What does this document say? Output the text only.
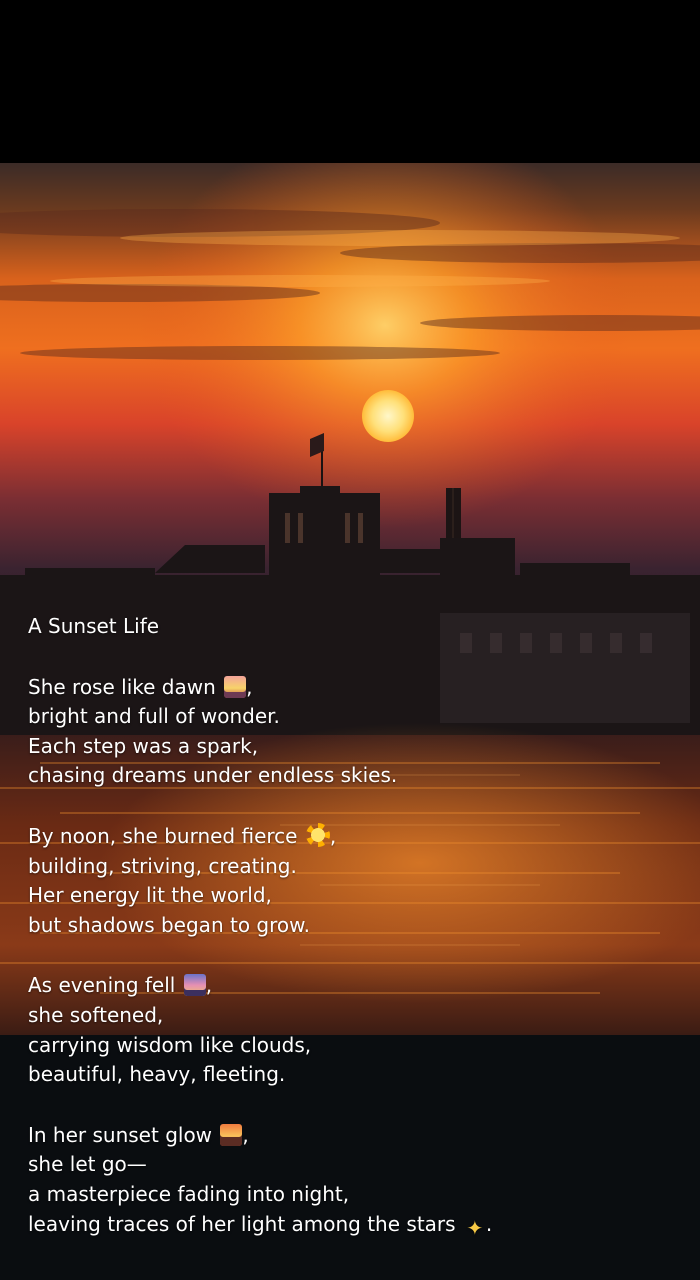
A Sunset Life
She rose like dawn ,
bright and full of wonder.
Each step was a spark,
chasing dreams under endless skies.
By noon, she burned fierce ,
building, striving, creating.
Her energy lit the world,
but shadows began to grow.
As evening fell ,
she softened,
carrying wisdom like clouds,
beautiful, heavy, fleeting.
In her sunset glow ,
she let go—
a masterpiece fading into night,
leaving traces of her light among the stars ✦ .
